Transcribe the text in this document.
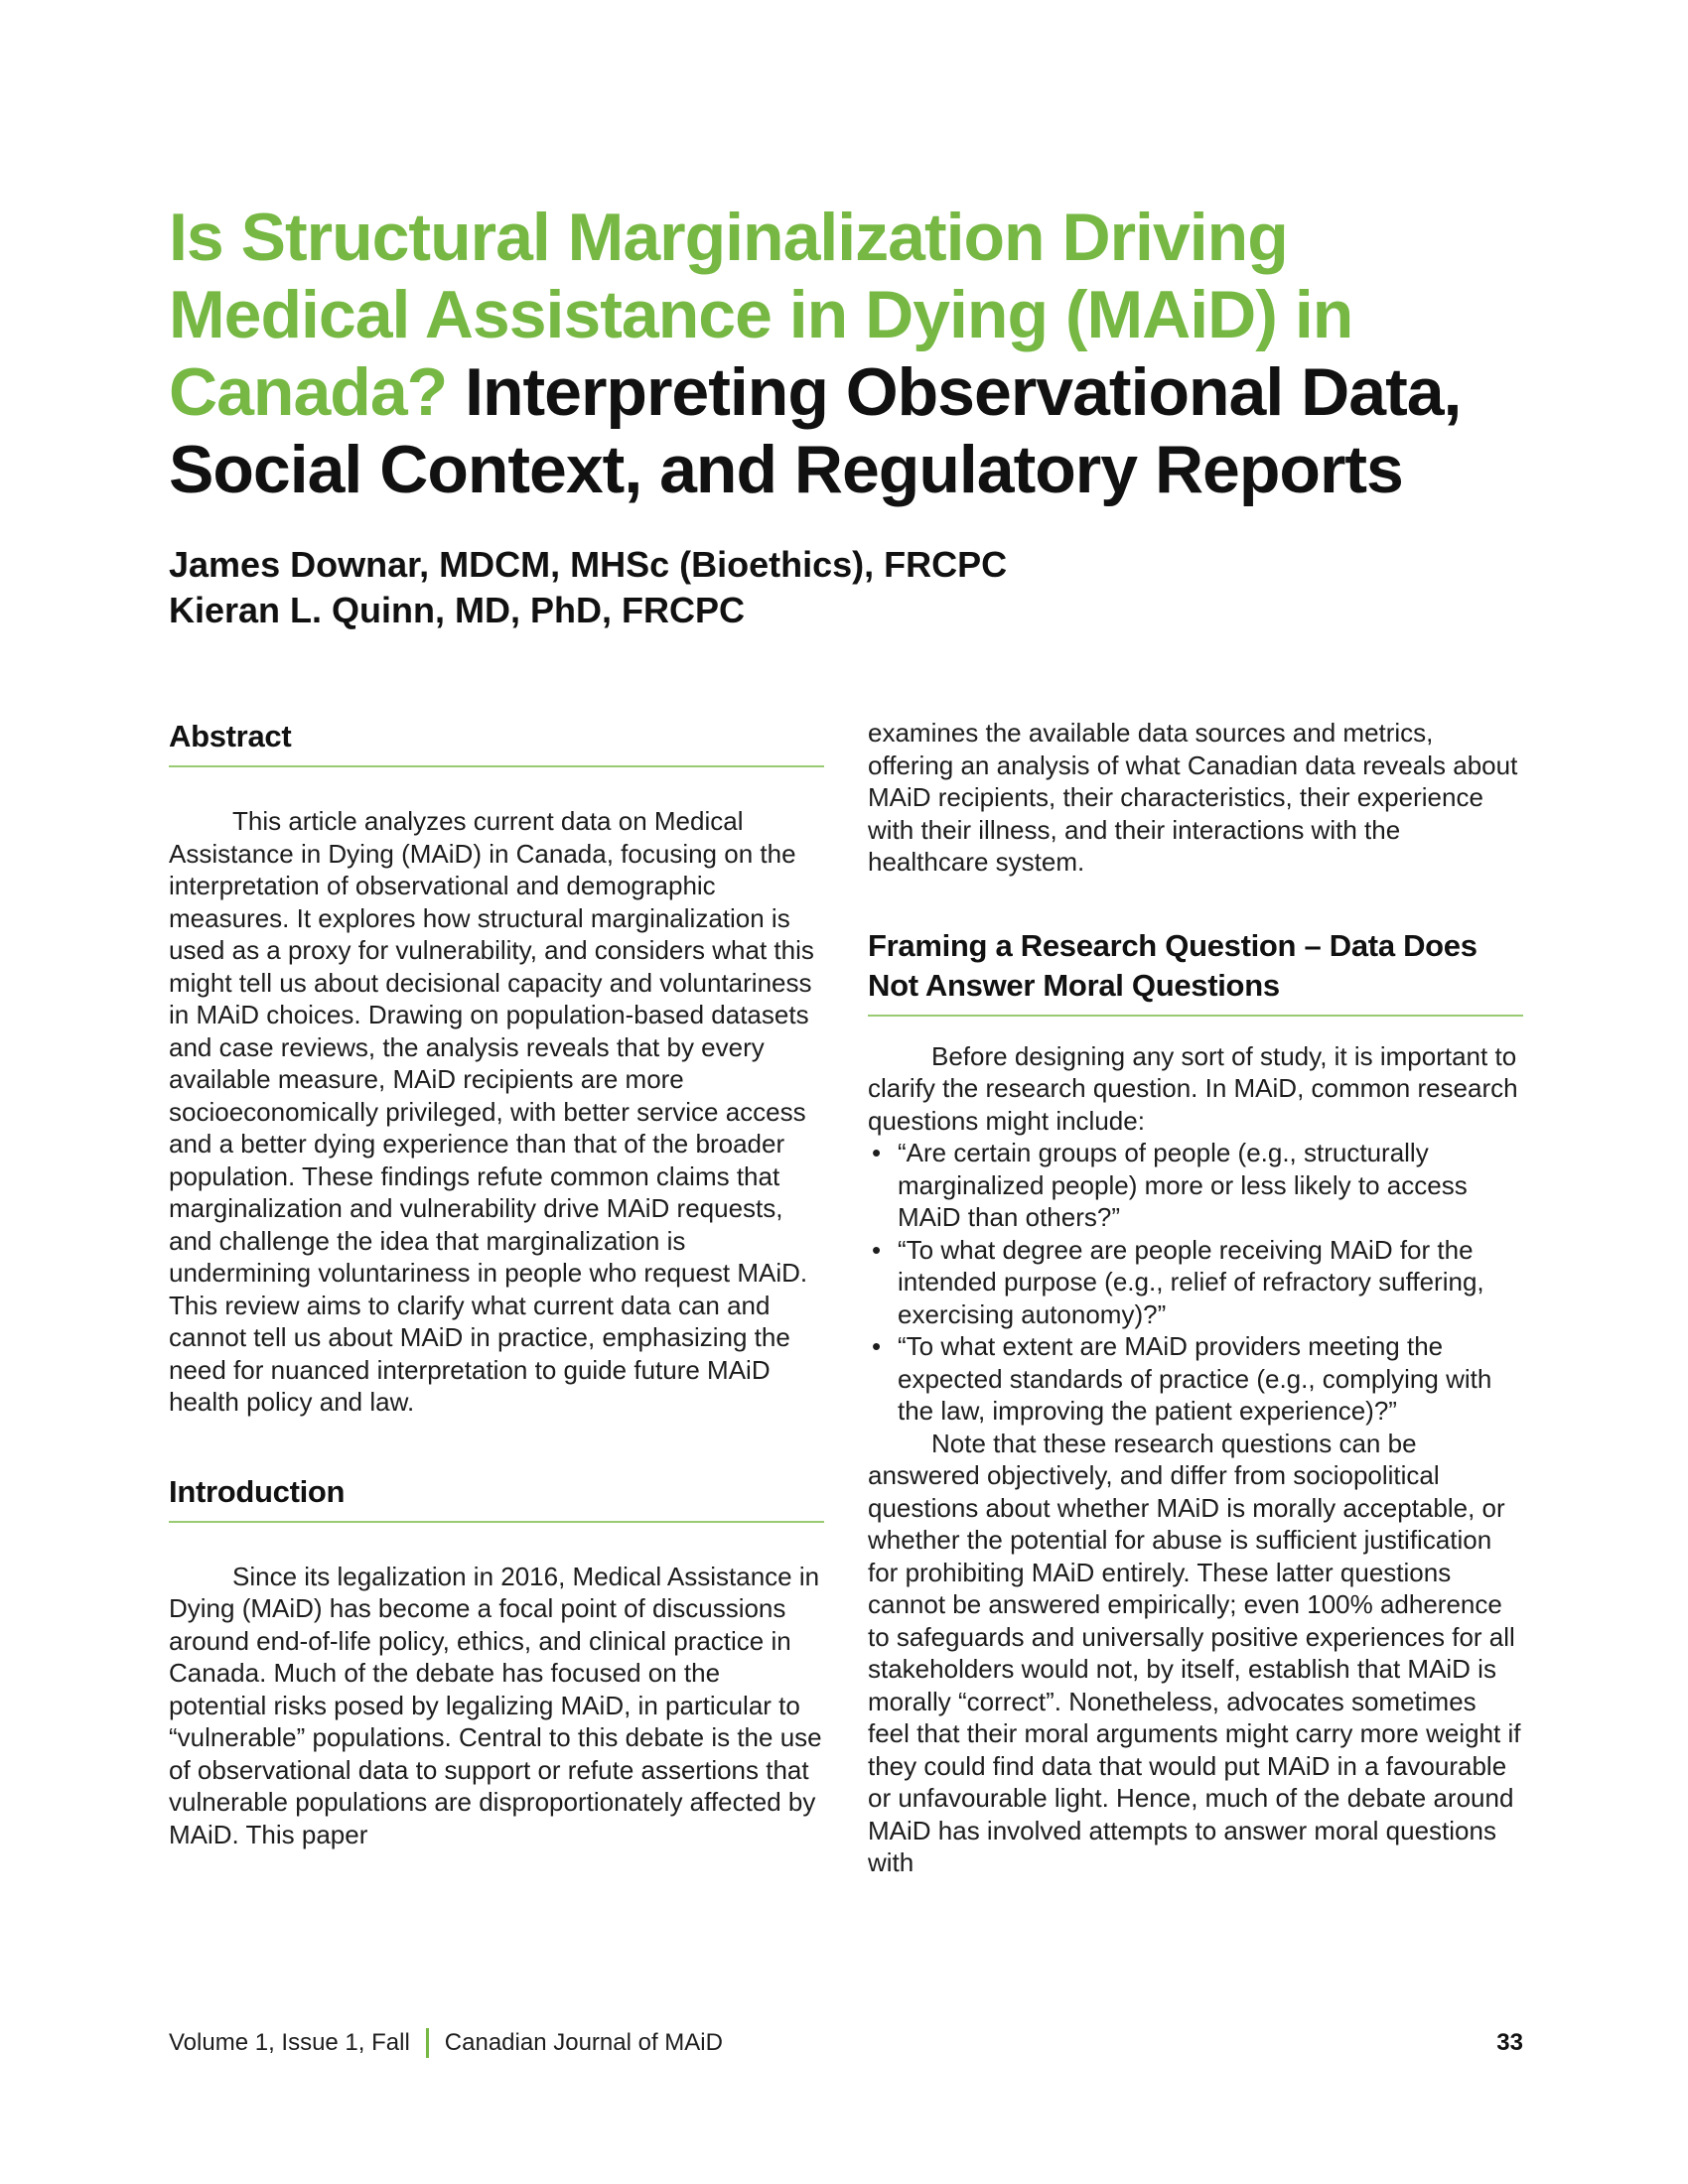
Is Structural Marginalization Driving Medical Assistance in Dying (MAiD) in Canada? Interpreting Observational Data, Social Context, and Regulatory Reports
James Downar, MDCM, MHSc (Bioethics), FRCPC
Kieran L. Quinn, MD, PhD, FRCPC
Abstract

This article analyzes current data on Medical Assistance in Dying (MAiD) in Canada, focusing on the interpretation of observational and demographic measures. It explores how structural marginalization is used as a proxy for vulnerability, and considers what this might tell us about decisional capacity and voluntariness in MAiD choices. Drawing on population-based datasets and case reviews, the analysis reveals that by every available measure, MAiD recipients are more socioeconomically privileged, with better service access and a better dying experience than that of the broader population. These findings refute common claims that marginalization and vulnerability drive MAiD requests, and challenge the idea that marginalization is undermining voluntariness in people who request MAiD. This review aims to clarify what current data can and cannot tell us about MAiD in practice, emphasizing the need for nuanced interpretation to guide future MAiD health policy and law.

Introduction

Since its legalization in 2016, Medical Assistance in Dying (MAiD) has become a focal point of discussions around end-of-life policy, ethics, and clinical practice in Canada. Much of the debate has focused on the potential risks posed by legalizing MAiD, in particular to “vulnerable” populations. Central to this debate is the use of observational data to support or refute assertions that vulnerable populations are disproportionately affected by MAiD. This paper

examines the available data sources and metrics, offering an analysis of what Canadian data reveals about MAiD recipients, their characteristics, their experience with their illness, and their interactions with the healthcare system.

Framing a Research Question – Data Does Not Answer Moral Questions

Before designing any sort of study, it is important to clarify the research question. In MAiD, common research questions might include:

• “Are certain groups of people (e.g., structurally marginalized people) more or less likely to access MAiD than others?”
• “To what degree are people receiving MAiD for the intended purpose (e.g., relief of refractory suffering, exercising autonomy)?”
• “To what extent are MAiD providers meeting the expected standards of practice (e.g., complying with the law, improving the patient experience)?”

Note that these research questions can be answered objectively, and differ from sociopolitical questions about whether MAiD is morally acceptable, or whether the potential for abuse is sufficient justification for prohibiting MAiD entirely. These latter questions cannot be answered empirically; even 100% adherence to safeguards and universally positive experiences for all stakeholders would not, by itself, establish that MAiD is morally “correct”. Nonetheless, advocates sometimes feel that their moral arguments might carry more weight if they could find data that would put MAiD in a favourable or unfavourable light. Hence, much of the debate around MAiD has involved attempts to answer moral questions with

Volume 1, Issue 1, Fall Canadian Journal of MAiD	33
